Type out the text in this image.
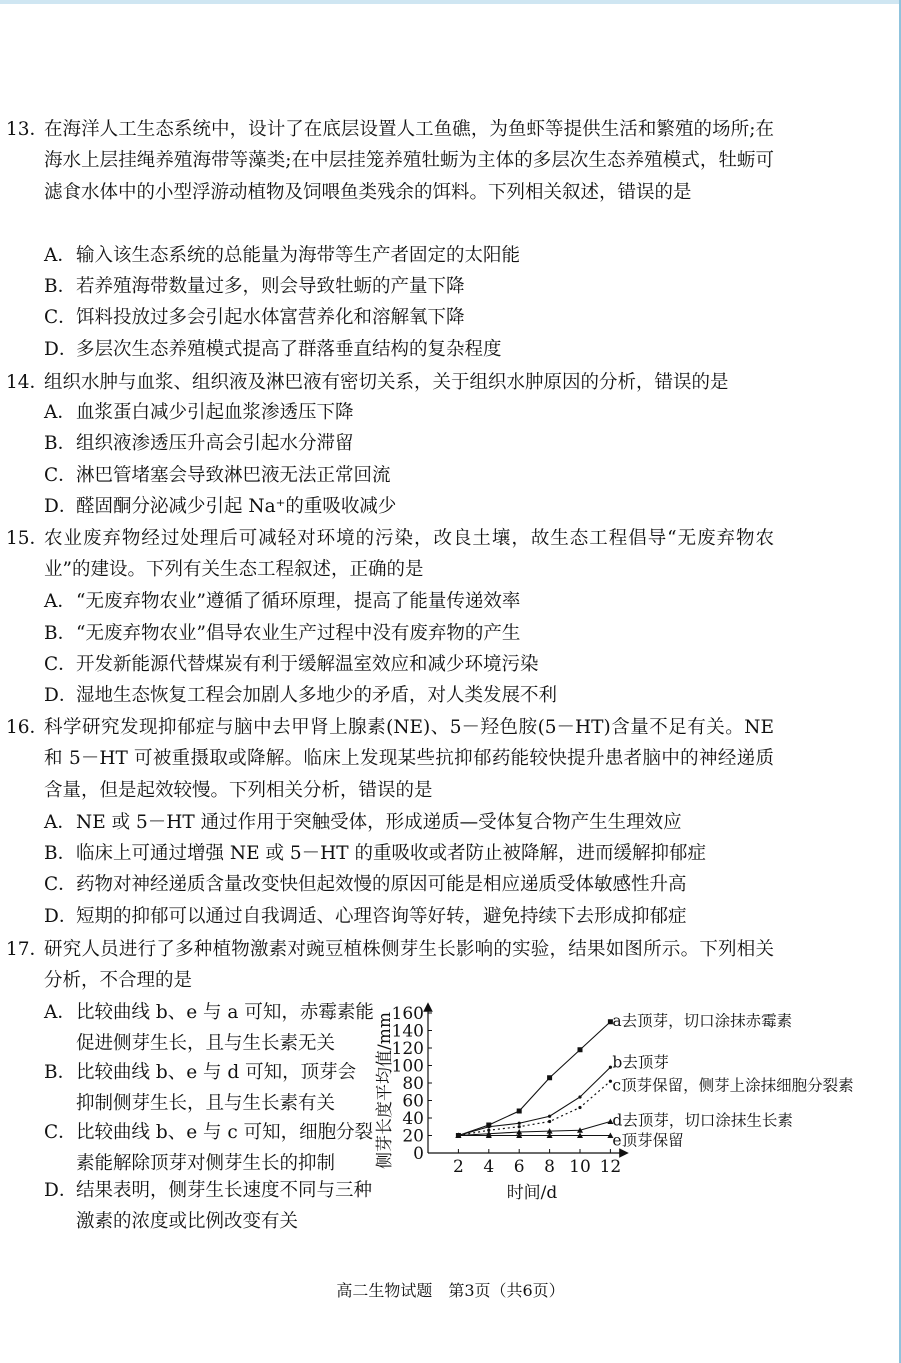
13．
在海洋人工生态系统中，设计了在底层设置人工鱼礁，为鱼虾等提供生活和繁殖的场所;在海水上层挂绳养殖海带等藻类;在中层挂笼养殖牡蛎为主体的多层次生态养殖模式，牡蛎可滤食水体中的小型浮游动植物及饲喂鱼类残余的饵料。下列相关叙述，错误的是
A．输入该生态系统的总能量为海带等生产者固定的太阳能
B．若养殖海带数量过多，则会导致牡蛎的产量下降
C．饵料投放过多会引起水体富营养化和溶解氧下降
D．多层次生态养殖模式提高了群落垂直结构的复杂程度
14．
组织水肿与血浆、组织液及淋巴液有密切关系，关于组织水肿原因的分析，错误的是
A．血浆蛋白减少引起血浆渗透压下降
B．组织液渗透压升高会引起水分滞留
C．淋巴管堵塞会导致淋巴液无法正常回流
D．醛固酮分泌减少引起 Na⁺的重吸收减少
15．
农业废弃物经过处理后可减轻对环境的污染，改良土壤，故生态工程倡导“无废弃物农业”的建设。下列有关生态工程叙述，正确的是
A．“无废弃物农业”遵循了循环原理，提高了能量传递效率
B．“无废弃物农业”倡导农业生产过程中没有废弃物的产生
C．开发新能源代替煤炭有利于缓解温室效应和减少环境污染
D．湿地生态恢复工程会加剧人多地少的矛盾，对人类发展不利
16．
科学研究发现抑郁症与脑中去甲肾上腺素(NE)、5－羟色胺(5－HT)含量不足有关。NE 和 5－HT 可被重摄取或降解。临床上发现某些抗抑郁药能较快提升患者脑中的神经递质含量，但是起效较慢。下列相关分析，错误的是
A．NE 或 5－HT 通过作用于突触受体，形成递质—受体复合物产生生理效应
B．临床上可通过增强 NE 或 5－HT 的重吸收或者防止被降解，进而缓解抑郁症
C．药物对神经递质含量改变快但起效慢的原因可能是相应递质受体敏感性升高
D．短期的抑郁可以通过自我调适、心理咨询等好转，避免持续下去形成抑郁症
17．
研究人员进行了多种植物激素对豌豆植株侧芽生长影响的实验，结果如图所示。下列相关分析，不合理的是
A． 比较曲线 b、e 与 a 可知，赤霉素能促进侧芽生长，且与生长素无关
B． 比较曲线 b、e 与 d 可知，顶芽会抑制侧芽生长，且与生长素有关
C． 比较曲线 b、e 与 c 可知，细胞分裂素能解除顶芽对侧芽生长的抑制
D．
结果表明，侧芽生长速度不同与三种激素的浓度或比例改变有关
0
20
40
60
80
100
120
140
160
2 4 6 8 10 12
a去顶芽，切口涂抹赤霉素
b去顶芽
c顶芽保留，侧芽上涂抹细胞分裂素
d去顶芽，切口涂抹生长素
e顶芽保留
侧芽长度平均值/mm
时间/d
高二生物试题　第3页（共6页）
